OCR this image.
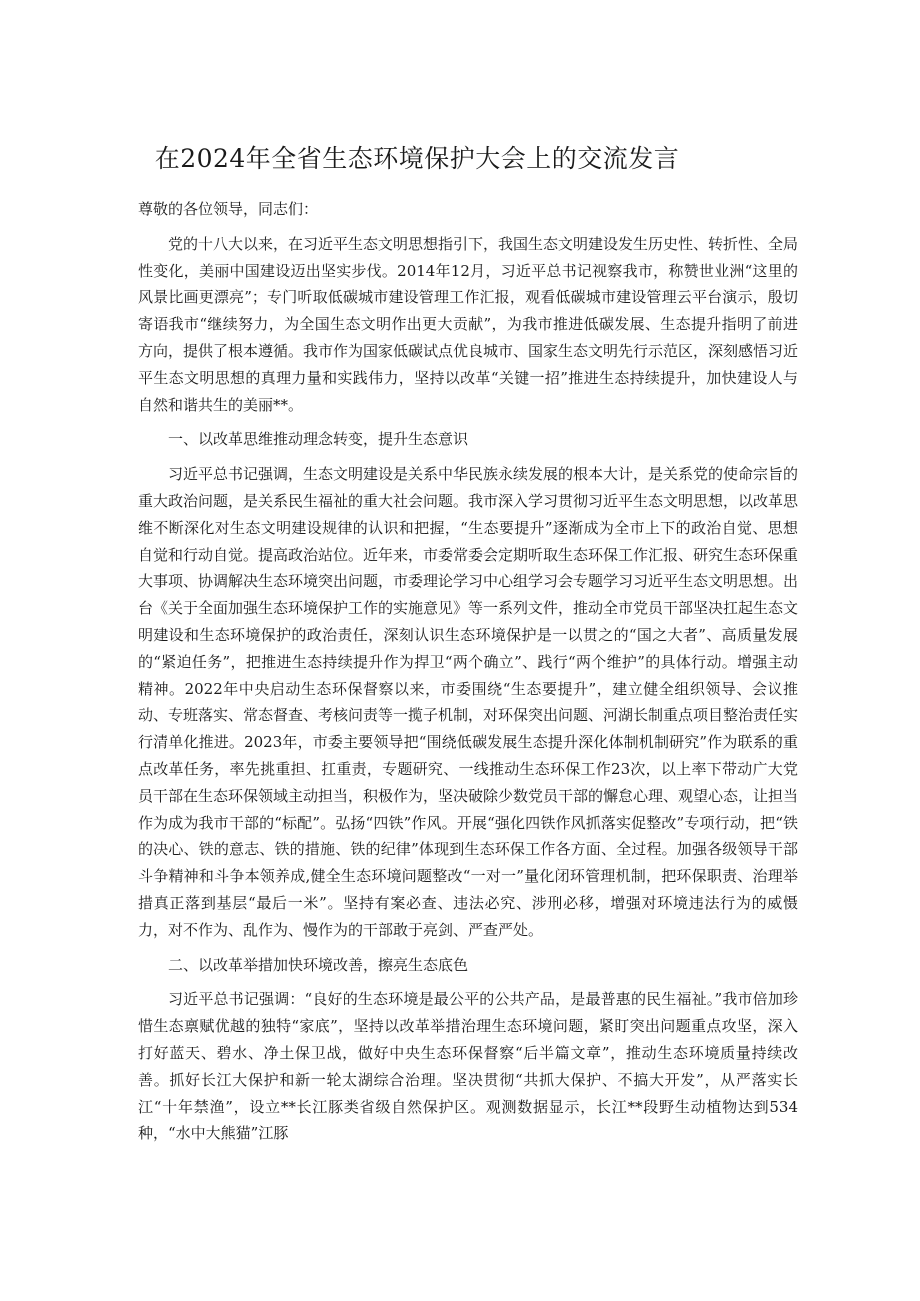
在2024年全省生态环境保护大会上的交流发言

尊敬的各位领导，同志们：

党的十八大以来，在习近平生态文明思想指引下，我国生态文明建设发生历史性、转折性、全局性变化，美丽中国建设迈出坚实步伐。2014年12月，习近平总书记视察我市，称赞世业洲“这里的风景比画更漂亮”；专门听取低碳城市建设管理工作汇报，观看低碳城市建设管理云平台演示，殷切寄语我市“继续努力，为全国生态文明作出更大贡献”，为我市推进低碳发展、生态提升指明了前进方向，提供了根本遵循。我市作为国家低碳试点优良城市、国家生态文明先行示范区，深刻感悟习近平生态文明思想的真理力量和实践伟力，坚持以改革“关键一招”推进生态持续提升，加快建设人与自然和谐共生的美丽**。

一、以改革思维推动理念转变，提升生态意识

习近平总书记强调，生态文明建设是关系中华民族永续发展的根本大计，是关系党的使命宗旨的重大政治问题，是关系民生福祉的重大社会问题。我市深入学习贯彻习近平生态文明思想，以改革思维不断深化对生态文明建设规律的认识和把握，“生态要提升”逐渐成为全市上下的政治自觉、思想自觉和行动自觉。提高政治站位。近年来，市委常委会定期听取生态环保工作汇报、研究生态环保重大事项、协调解决生态环境突出问题，市委理论学习中心组学习会专题学习习近平生态文明思想。出台《关于全面加强生态环境保护工作的实施意见》等一系列文件，推动全市党员干部坚决扛起生态文明建设和生态环境保护的政治责任，深刻认识生态环境保护是一以贯之的“国之大者”、高质量发展的“紧迫任务”，把推进生态持续提升作为捍卫“两个确立”、践行“两个维护”的具体行动。增强主动精神。2022年中央启动生态环保督察以来，市委围绕“生态要提升”，建立健全组织领导、会议推动、专班落实、常态督查、考核问责等一揽子机制，对环保突出问题、河湖长制重点项目整治责任实行清单化推进。2023年，市委主要领导把“围绕低碳发展生态提升深化体制机制研究”作为联系的重点改革任务，率先挑重担、扛重责，专题研究、一线推动生态环保工作23次，以上率下带动广大党员干部在生态环保领域主动担当，积极作为，坚决破除少数党员干部的懈怠心理、观望心态，让担当作为成为我市干部的“标配”。弘扬“四铁”作风。开展“强化四铁作风抓落实促整改”专项行动，把“铁的决心、铁的意志、铁的措施、铁的纪律”体现到生态环保工作各方面、全过程。加强各级领导干部斗争精神和斗争本领养成,健全生态环境问题整改“一对一”量化闭环管理机制，把环保职责、治理举措真正落到基层“最后一米”。坚持有案必查、违法必究、涉刑必移，增强对环境违法行为的威慑力，对不作为、乱作为、慢作为的干部敢于亮剑、严查严处。

二、以改革举措加快环境改善，擦亮生态底色

习近平总书记强调：“良好的生态环境是最公平的公共产品，是最普惠的民生福祉。”我市倍加珍惜生态禀赋优越的独特“家底”，坚持以改革举措治理生态环境问题，紧盯突出问题重点攻坚，深入打好蓝天、碧水、净土保卫战，做好中央生态环保督察“后半篇文章”，推动生态环境质量持续改善。抓好长江大保护和新一轮太湖综合治理。坚决贯彻“共抓大保护、不搞大开发”，从严落实长江“十年禁渔”，设立**长江豚类省级自然保护区。观测数据显示，长江**段野生动植物达到534种，“水中大熊猫”江豚
